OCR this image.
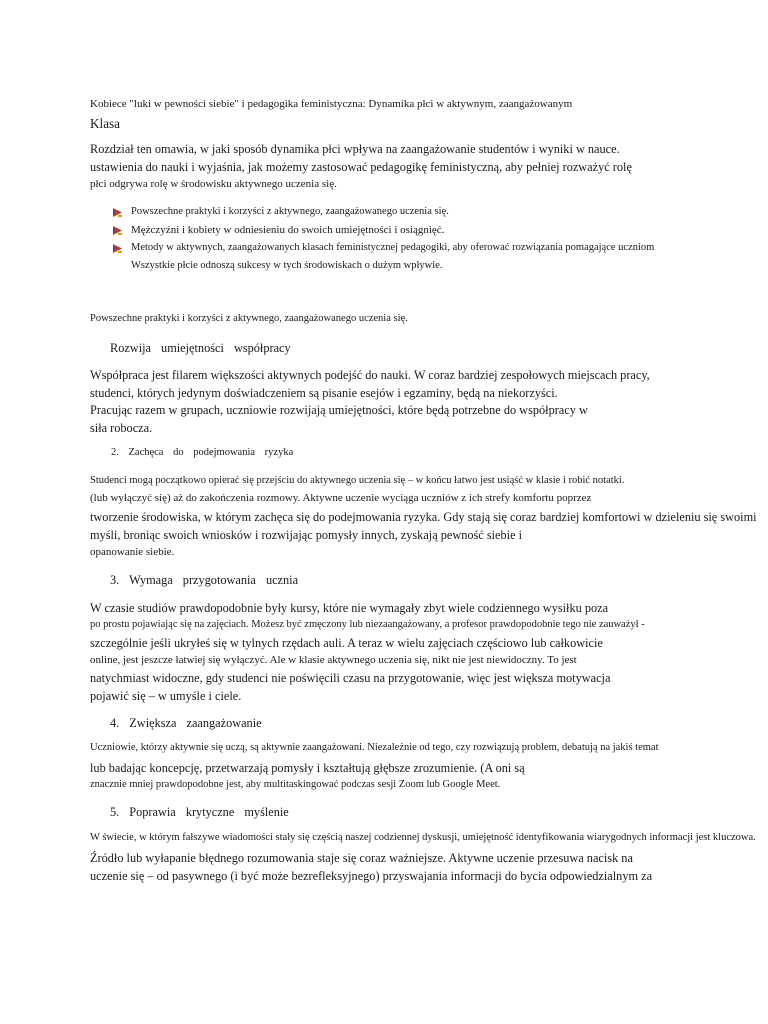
Kobiece "luki w pewności siebie" i pedagogika feministyczna: Dynamika płci w aktywnym, zaangażowanym
Klasa
Rozdział ten omawia, w jaki sposób dynamika płci wpływa na zaangażowanie studentów i wyniki w nauce.
ustawienia do nauki i wyjaśnia, jak możemy zastosować pedagogikę feministyczną, aby pełniej rozważyć rolę
płci odgrywa rolę w środowisku aktywnego uczenia się.
Powszechne praktyki i korzyści z aktywnego, zaangażowanego uczenia się.
Mężczyźni i kobiety w odniesieniu do swoich umiejętności i osiągnięć.
Metody w aktywnych, zaangażowanych klasach feministycznej pedagogiki, aby oferować rozwiązania pomagające uczniom
Wszystkie płcie odnoszą sukcesy w tych środowiskach o dużym wpływie.
Powszechne praktyki i korzyści z aktywnego, zaangażowanego uczenia się.
Rozwija umiejętności współpracy
Współpraca jest filarem większości aktywnych podejść do nauki. W coraz bardziej zespołowych miejscach pracy,
studenci, których jedynym doświadczeniem są pisanie esejów i egzaminy, będą na niekorzyści.
Pracując razem w grupach, uczniowie rozwijają umiejętności, które będą potrzebne do współpracy w
siła robocza.
2. Zachęca do podejmowania ryzyka
Studenci mogą początkowo opierać się przejściu do aktywnego uczenia się – w końcu łatwo jest usiąść w klasie i robić notatki.
(lub wyłączyć się) aż do zakończenia rozmowy. Aktywne uczenie wyciąga uczniów z ich strefy komfortu poprzez
tworzenie środowiska, w którym zachęca się do podejmowania ryzyka. Gdy stają się coraz bardziej komfortowi w dzieleniu się swoimi
myśli, broniąc swoich wniosków i rozwijając pomysły innych, zyskają pewność siebie i
opanowanie siebie.
3. Wymaga przygotowania ucznia
W czasie studiów prawdopodobnie były kursy, które nie wymagały zbyt wiele codziennego wysiłku poza
po prostu pojawiając się na zajęciach. Możesz być zmęczony lub niezaangażowany, a profesor prawdopodobnie tego nie zauważył -
szczególnie jeśli ukryłeś się w tylnych rzędach auli. A teraz w wielu zajęciach częściowo lub całkowicie
online, jest jeszcze łatwiej się wyłączyć. Ale w klasie aktywnego uczenia się, nikt nie jest niewidoczny. To jest
natychmiast widoczne, gdy studenci nie poświęcili czasu na przygotowanie, więc jest większa motywacja
pojawić się – w umyśle i ciele.
4. Zwiększa zaangażowanie
Uczniowie, którzy aktywnie się uczą, są aktywnie zaangażowani. Niezależnie od tego, czy rozwiązują problem, debatują na jakiś temat
lub badając koncepcję, przetwarzają pomysły i kształtują głębsze zrozumienie. (A oni są
znacznie mniej prawdopodobne jest, aby multitaskingować podczas sesji Zoom lub Google Meet.
5. Poprawia krytyczne myślenie
W świecie, w którym fałszywe wiadomości stały się częścią naszej codziennej dyskusji, umiejętność identyfikowania wiarygodnych informacji jest kluczowa.
Źródło lub wyłapanie błędnego rozumowania staje się coraz ważniejsze. Aktywne uczenie przesuwa nacisk na
uczenie się – od pasywnego (i być może bezrefleksyjnego) przyswajania informacji do bycia odpowiedzialnym za
